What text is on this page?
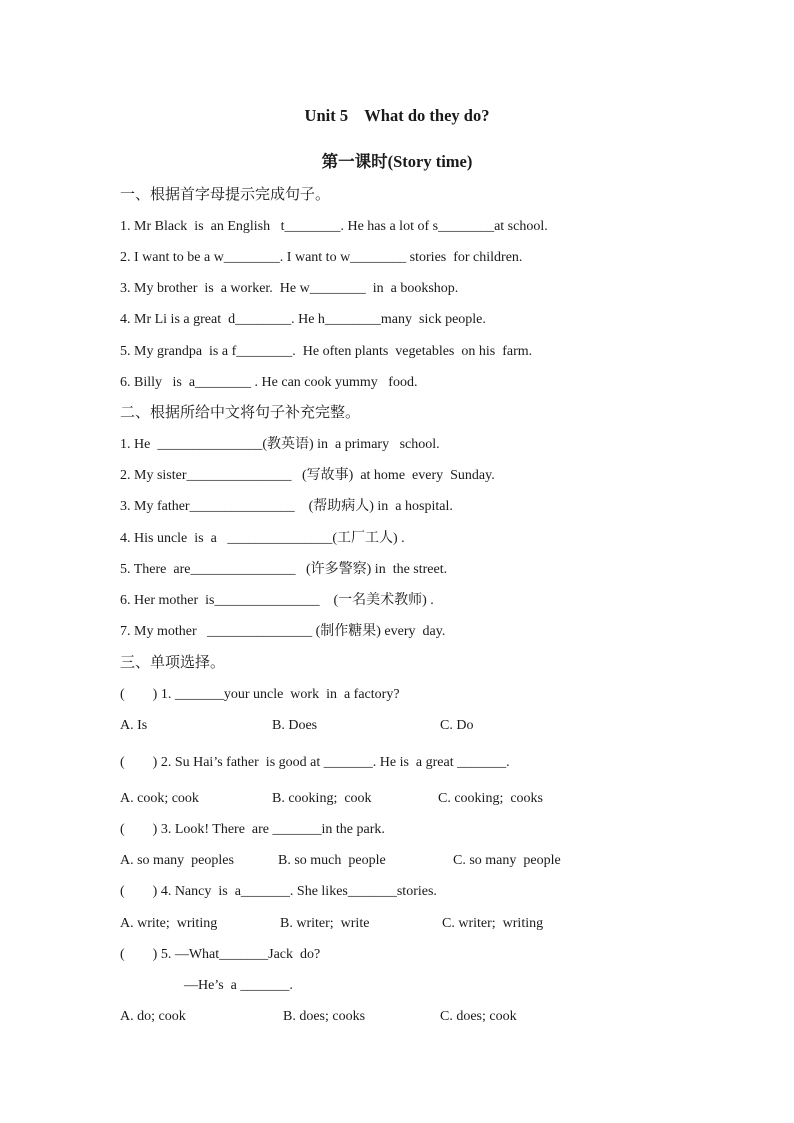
Unit 5    What do they do?
第一课时(Story time)
一、根据首字母提示完成句子。
1. Mr Black  is  an English   t________. He has a lot of s________at school.
2. I want to be a w________. I want to w________ stories  for children.
3. My brother  is  a worker.  He w________  in  a bookshop.
4. Mr Li is a great  d________. He h________many  sick people.
5. My grandpa  is a f________.  He often plants  vegetables  on his  farm.
6. Billy   is  a________ . He can cook yummy   food.
二、根据所给中文将句子补充完整。
1. He  _______________(教英语) in  a primary   school.
2. My sister_______________   (写故事)  at home  every  Sunday.
3. My father_______________    (帮助病人) in  a hospital.
4. His uncle  is  a   _______________(工厂工人) .
5. There  are_______________   (许多警察) in  the street.
6. Her mother  is_______________    (一名美术教师) .
7. My mother   _______________ (制作糖果) every  day.
三、单项选择。
(        ) 1. _______your uncle  work  in  a factory?
A. Is	B. Does	C. Do
(        ) 2. Su Hai’s father  is good at _______. He is  a great _______.
A. cook; cook	B. cooking;  cook	C. cooking;  cooks
(        ) 3. Look! There  are _______in the park.
A. so many  peoples	B. so much  people	C. so many  people
(        ) 4. Nancy  is  a_______. She likes_______stories.
A. write;  writing	B. writer;  write	C. writer;  writing
(        ) 5. —What_______Jack  do?
—He’s  a _______.
A. do; cook	B. does; cooks	C. does; cook
